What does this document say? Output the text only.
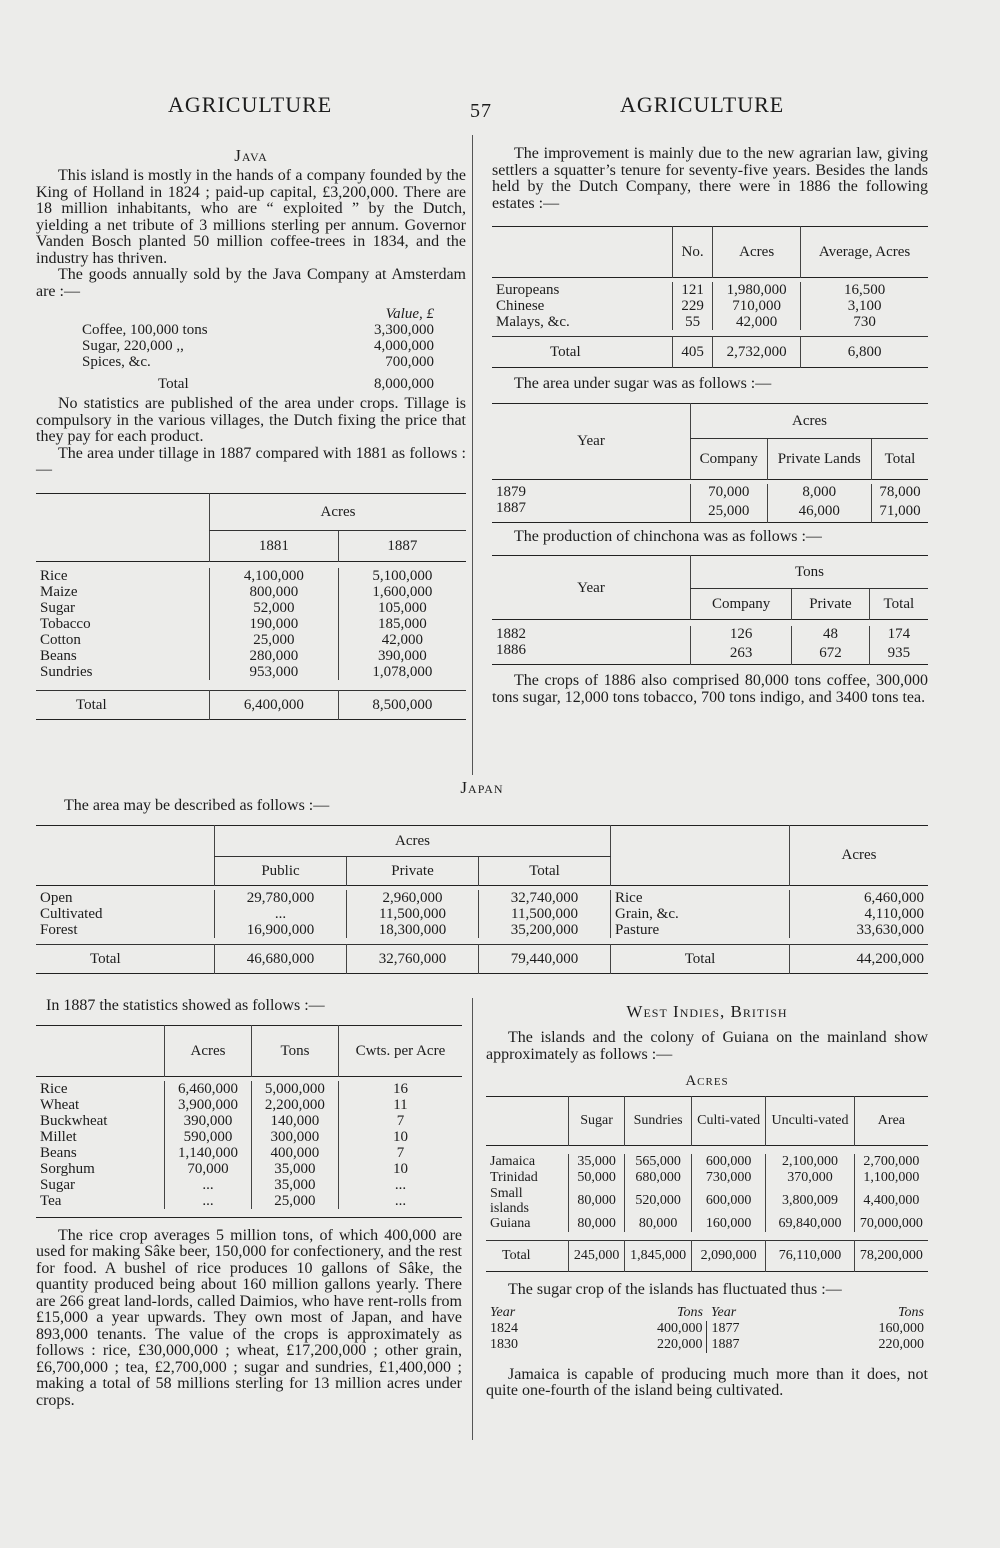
AGRICULTURE	57	AGRICULTURE
Java

This island is mostly in the hands of a company founded by the King of Holland in 1824 ; paid-up capital, £3,200,000. There are 18 million inhabitants, who are “ exploited ” by the Dutch, yielding a net tribute of 3 millions sterling per annum. Governor Vanden Bosch planted 50 million coffee-trees in 1834, and the industry has thriven.

The goods annually sold by the Java Company at Amsterdam are :—

	Value, £
Coffee, 100,000 tons	3,300,000
Sugar, 220,000 ,,	4,000,000
Spices, &c.	700,000

Total	8,000,000

No statistics are published of the area under crops. Tillage is compulsory in the various villages, the Dutch fixing the price that they pay for each product.

The area under tillage in 1887 compared with 1881 as follows :—

	Acres	
	1881	1887

Rice	4,100,000	5,100,000
Maize	800,000	1,600,000
Sugar	52,000	105,000
Tobacco	190,000	185,000
Cotton	25,000	42,000
Beans	280,000	390,000
Sundries	953,000	1,078,000

Total	6,400,000	8,500,000

The improvement is mainly due to the new agrarian law, giving settlers a squatter’s tenure for seventy-five years. Besides the lands held by the Dutch Company, there were in 1886 the following estates :—

	No.	Acres	Average, Acres

Europeans	121	1,980,000	16,500
Chinese	229	710,000	3,100
Malays, &c.	55	42,000	730

Total	405	2,732,000	6,800

The area under sugar was as follows :—

Year	Acres		
	Company	Private Lands	Total

1879	70,000	8,000	78,000
1887	25,000	46,000	71,000

The production of chinchona was as follows :—

Year	Tons		
	Company	Private	Total

1882	126	48	174
1886	263	672	935

The crops of 1886 also comprised 80,000 tons coffee, 300,000 tons sugar, 12,000 tons tobacco, 700 tons indigo, and 3400 tons tea.

Japan

The area may be described as follows :—

	Acres				Acres
	Public	Private	Total		

Open	29,780,000	2,960,000	32,740,000	Rice	6,460,000
Cultivated	...	11,500,000	11,500,000	Grain, &c.	4,110,000
Forest	16,900,000	18,300,000	35,200,000	Pasture	33,630,000

Total	46,680,000	32,760,000	79,440,000	Total	44,200,000

In 1887 the statistics showed as follows :—

	Acres	Tons	Cwts. per Acre

Rice	6,460,000	5,000,000	16
Wheat	3,900,000	2,200,000	11
Buckwheat	390,000	140,000	7
Millet	590,000	300,000	10
Beans	1,140,000	400,000	7
Sorghum	70,000	35,000	10
Sugar	...	35,000	...
Tea	...	25,000	...

The rice crop averages 5 million tons, of which 400,000 are used for making Sâke beer, 150,000 for confectionery, and the rest for food. A bushel of rice produces 10 gallons of Sâke, the quantity produced being about 160 million gallons yearly. There are 266 great land-lords, called Daimios, who have rent-rolls from £15,000 a year upwards. They own most of Japan, and have 893,000 tenants. The value of the crops is approximately as follows : rice, £30,000,000 ; wheat, £17,200,000 ; other grain, £6,700,000 ; tea, £2,700,000 ; sugar and sundries, £1,400,000 ; making a total of 58 millions sterling for 13 million acres under crops.

West Indies, British

The islands and the colony of Guiana on the mainland show approximately as follows :—

Acres
	Sugar	Sundries	Culti-vated	Unculti-vated	Area

Jamaica	35,000	565,000	600,000	2,100,000	2,700,000
Trinidad	50,000	680,000	730,000	370,000	1,100,000
Small islands	80,000	520,000	600,000	3,800,009	4,400,000
Guiana	80,000	80,000	160,000	69,840,000	70,000,000

Total	245,000	1,845,000	2,090,000	76,110,000	78,200,000

The sugar crop of the islands has fluctuated thus :—

Year	Tons	Year	Tons
1824	400,000	1877	160,000
1830	220,000	1887	220,000

Jamaica is capable of producing much more than it does, not quite one-fourth of the island being cultivated.
